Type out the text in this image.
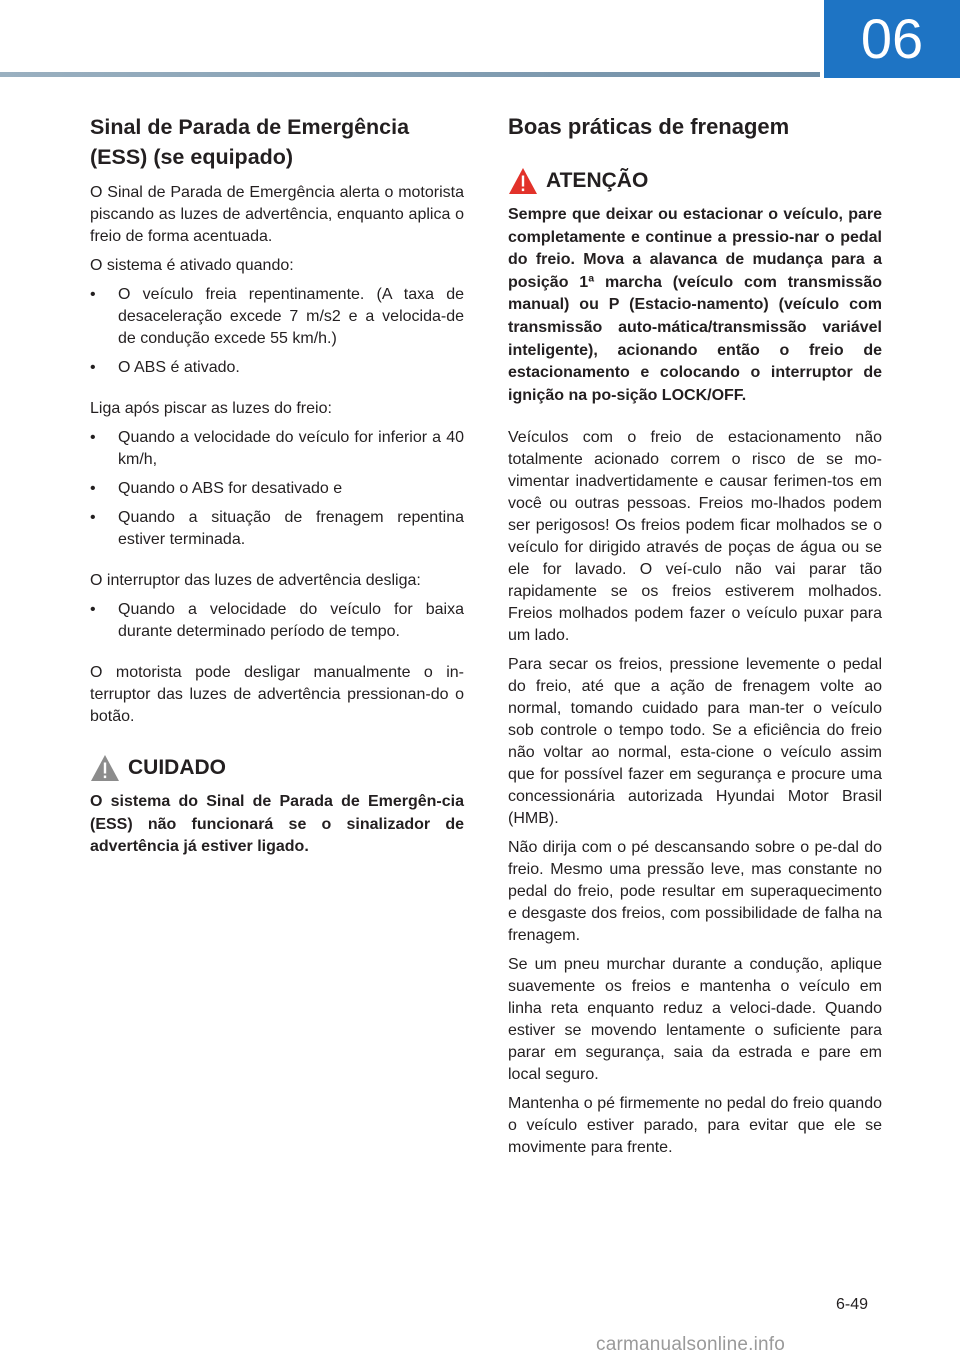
06
Sinal de Parada de Emergência (ESS) (se equipado)

O Sinal de Parada de Emergência alerta o motorista piscando as luzes de advertência, enquanto aplica o freio de forma acentuada.

O sistema é ativado quando:

•	O veículo freia repentinamente. (A taxa de desaceleração excede 7 m/s2 e a velocida-de de condução excede 55 km/h.)
•	O ABS é ativado.

Liga após piscar as luzes do freio:

•	Quando a velocidade do veículo for inferior a 40 km/h,
•	Quando o ABS for desativado e
•	Quando a situação de frenagem repentina estiver terminada.

O interruptor das luzes de advertência desliga:

•	Quando a velocidade do veículo for baixa durante determinado período de tempo.

O motorista pode desligar manualmente o in-terruptor das luzes de advertência pressionan-do o botão.

CUIDADO

O sistema do Sinal de Parada de Emergên-cia (ESS) não funcionará se o sinalizador de advertência já estiver ligado.

Boas práticas de frenagem
ATENÇÃO

Sempre que deixar ou estacionar o veículo, pare completamente e continue a pressio-nar o pedal do freio. Mova a alavanca de mudança para a posição 1ª marcha (veículo com transmissão manual) ou P (Estacio-namento) (veículo com transmissão auto-mática/transmissão variável inteligente), acionando então o freio de estacionamento e colocando o interruptor de ignição na po-sição LOCK/OFF.

Veículos com o freio de estacionamento não totalmente acionado correm o risco de se mo-vimentar inadvertidamente e causar ferimen-tos em você ou outras pessoas. Freios mo-lhados podem ser perigosos! Os freios podem ficar molhados se o veículo for dirigido através de poças de água ou se ele for lavado. O veí-culo não vai parar tão rapidamente se os freios estiverem molhados. Freios molhados podem fazer o veículo puxar para um lado.

Para secar os freios, pressione levemente o pedal do freio, até que a ação de frenagem volte ao normal, tomando cuidado para man-ter o veículo sob controle o tempo todo. Se a eficiência do freio não voltar ao normal, esta-cione o veículo assim que for possível fazer em segurança e procure uma concessionária autorizada Hyundai Motor Brasil (HMB).

Não dirija com o pé descansando sobre o pe-dal do freio. Mesmo uma pressão leve, mas constante no pedal do freio, pode resultar em superaquecimento e desgaste dos freios, com possibilidade de falha na frenagem.

Se um pneu murchar durante a condução, aplique suavemente os freios e mantenha o veículo em linha reta enquanto reduz a veloci-dade. Quando estiver se movendo lentamente o suficiente para parar em segurança, saia da estrada e pare em local seguro.

Mantenha o pé firmemente no pedal do freio quando o veículo estiver parado, para evitar que ele se movimente para frente.

6-49
carmanualsonline.info
